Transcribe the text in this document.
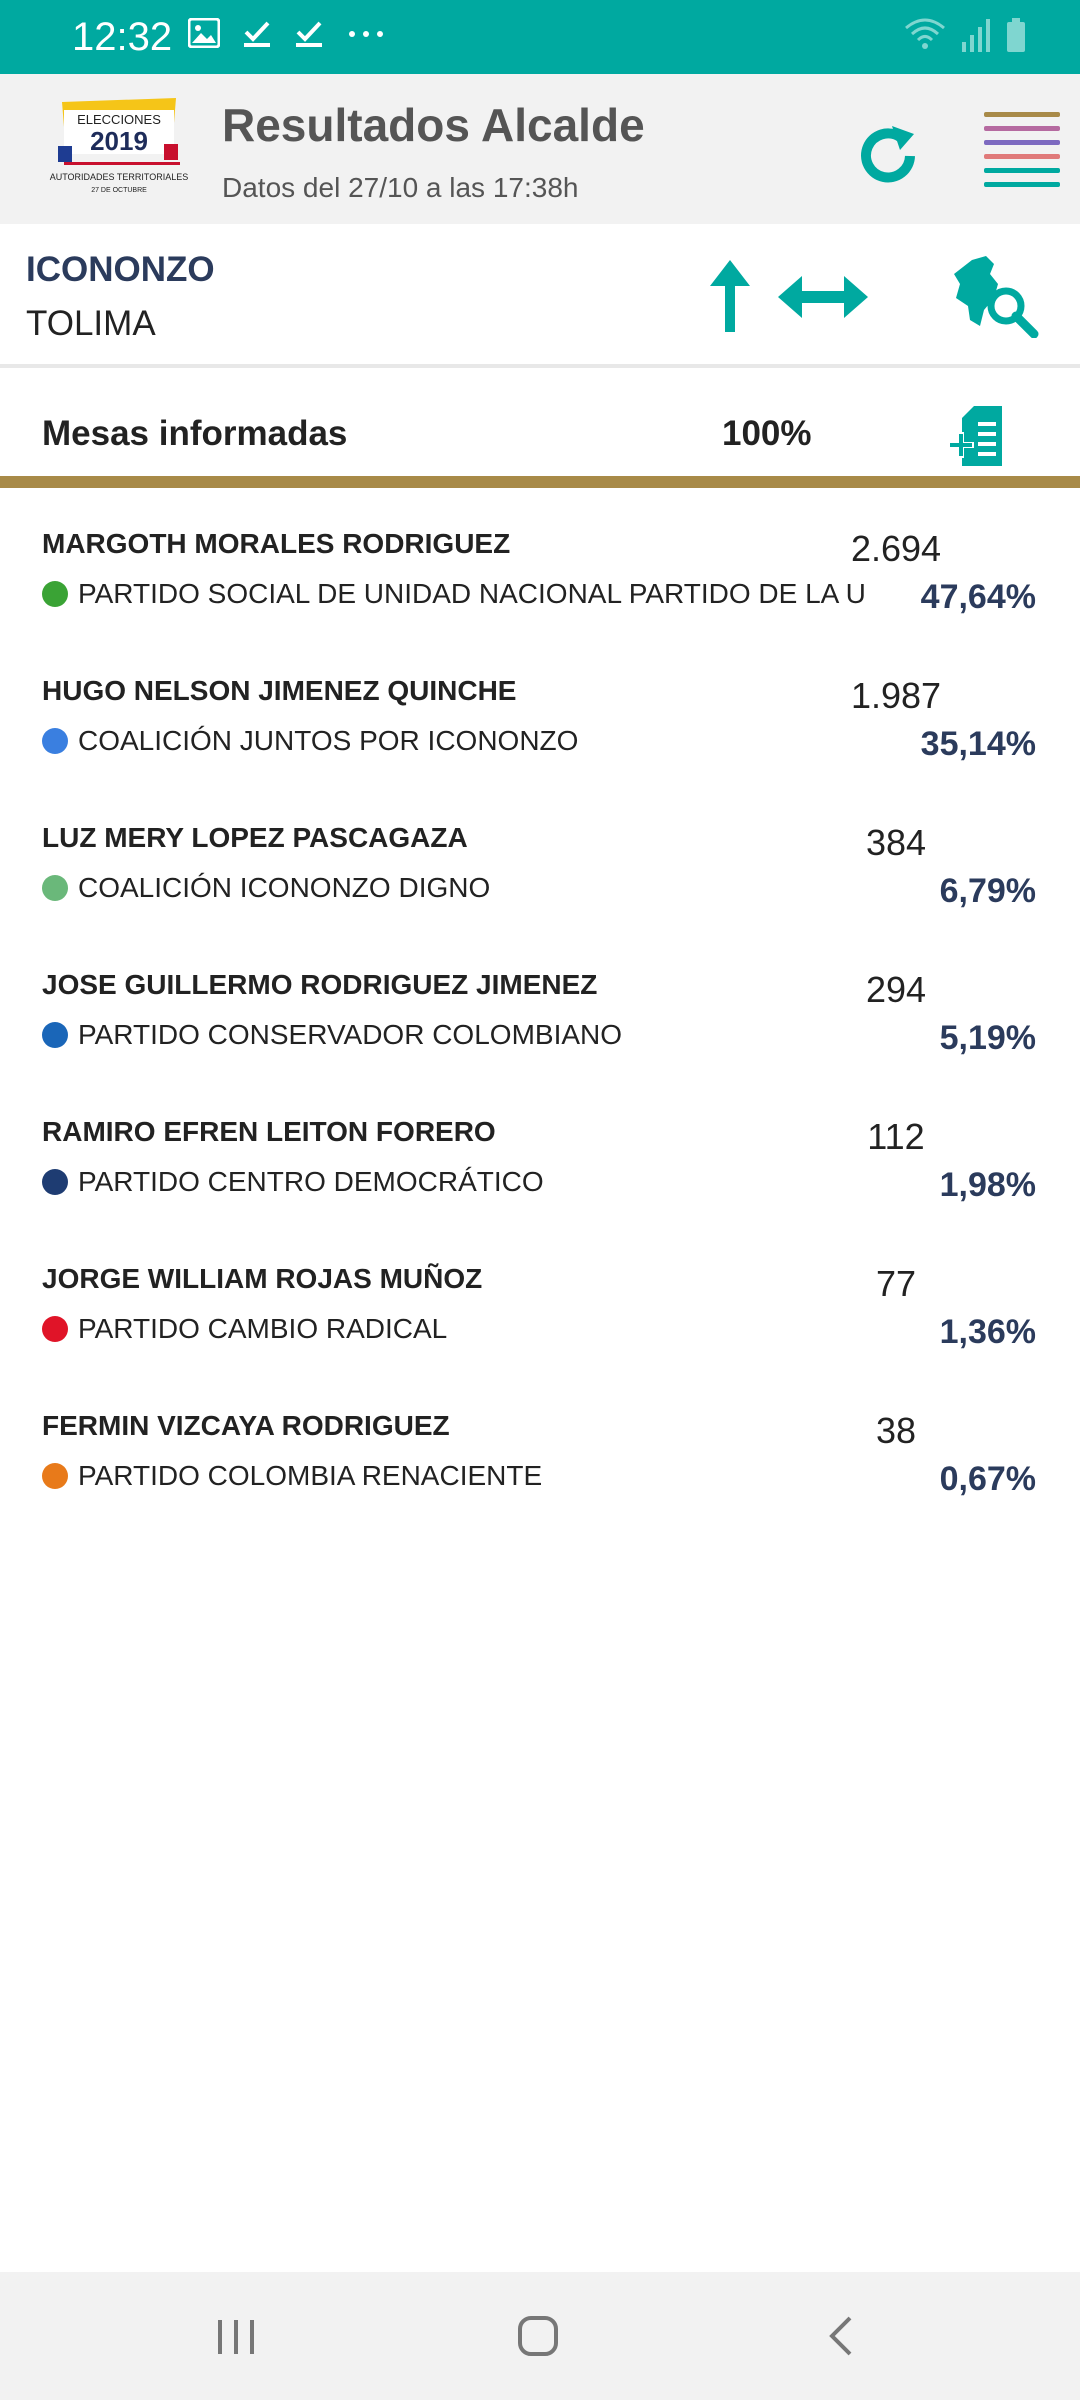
12:32
ELECCIONES
2019
AUTORIDADES TERRITORIALES
27 DE OCTUBRE
Resultados Alcalde
Datos del 27/10 a las 17:38h
ICONONZO
TOLIMA
Mesas informadas	100%
MARGOTH MORALES RODRIGUEZ
PARTIDO SOCIAL DE UNIDAD NACIONAL PARTIDO DE LA U
2.694
47,64%
HUGO NELSON JIMENEZ QUINCHE
COALICIÓN JUNTOS POR ICONONZO
1.987
35,14%
LUZ MERY LOPEZ PASCAGAZA
COALICIÓN ICONONZO DIGNO
384
6,79%
JOSE GUILLERMO RODRIGUEZ JIMENEZ
PARTIDO CONSERVADOR COLOMBIANO
294
5,19%
RAMIRO EFREN LEITON FORERO
PARTIDO CENTRO DEMOCRÁTICO
112
1,98%
JORGE WILLIAM ROJAS MUÑOZ
PARTIDO CAMBIO RADICAL
77
1,36%
FERMIN VIZCAYA RODRIGUEZ
PARTIDO COLOMBIA RENACIENTE
38
0,67%
